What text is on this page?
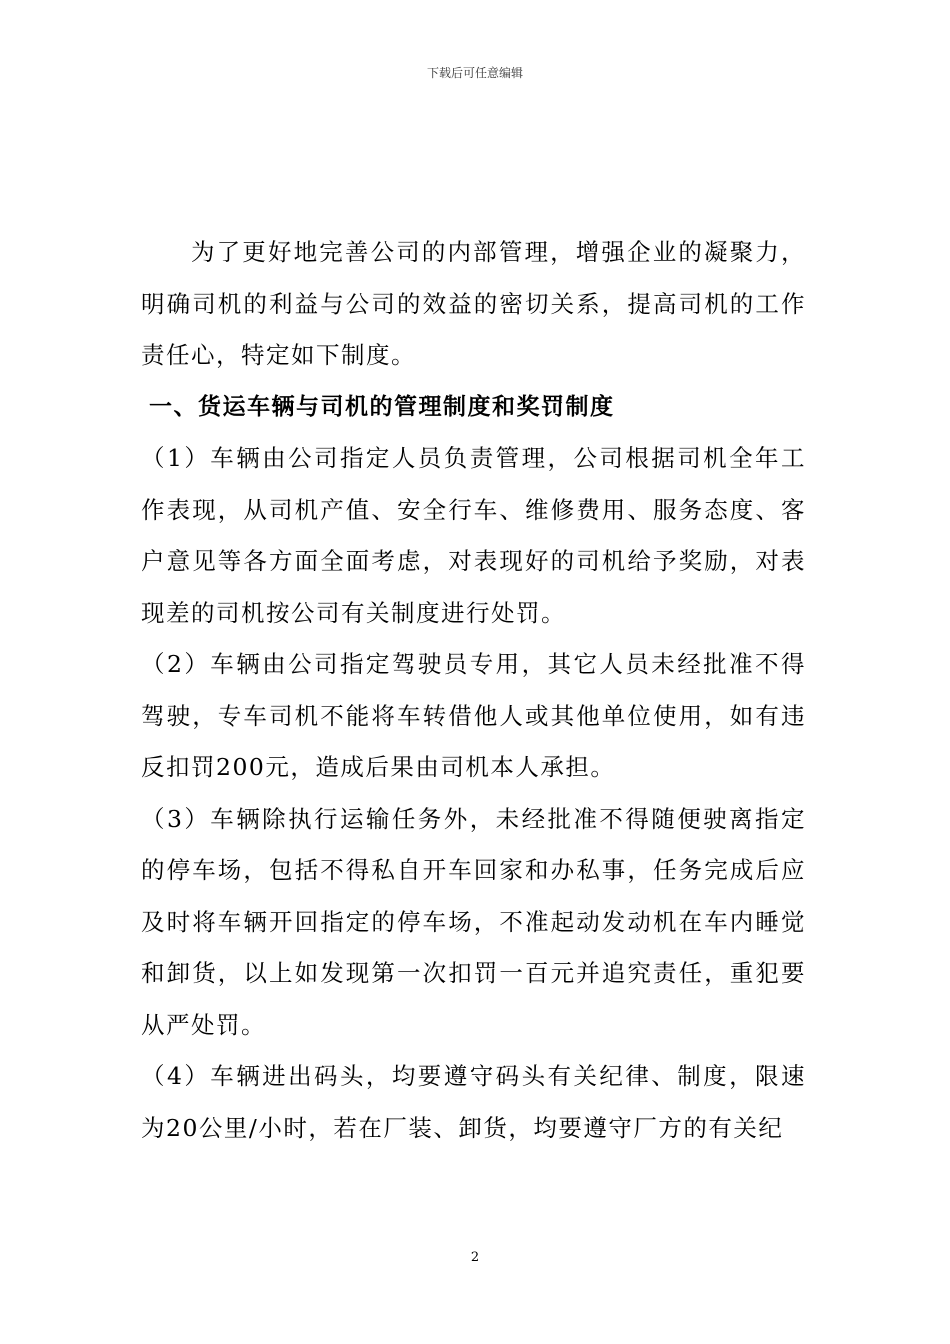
下载后可任意编辑

为了更好地完善公司的内部管理，增强企业的凝聚力，明确司机的利益与公司的效益的密切关系，提高司机的工作责任心，特定如下制度。

一、货运车辆与司机的管理制度和奖罚制度

（1）车辆由公司指定人员负责管理，公司根据司机全年工作表现，从司机产值、安全行车、维修费用、服务态度、客户意见等各方面全面考虑，对表现好的司机给予奖励，对表现差的司机按公司有关制度进行处罚。

（2）车辆由公司指定驾驶员专用，其它人员未经批准不得驾驶，专车司机不能将车转借他人或其他单位使用，如有违反扣罚200元，造成后果由司机本人承担。

（3）车辆除执行运输任务外，未经批准不得随便驶离指定的停车场，包括不得私自开车回家和办私事，任务完成后应及时将车辆开回指定的停车场，不准起动发动机在车内睡觉和卸货，以上如发现第一次扣罚一百元并追究责任，重犯要从严处罚。

（4）车辆进出码头，均要遵守码头有关纪律、制度，限速为20公里/小时，若在厂装、卸货，均要遵守厂方的有关纪

2
